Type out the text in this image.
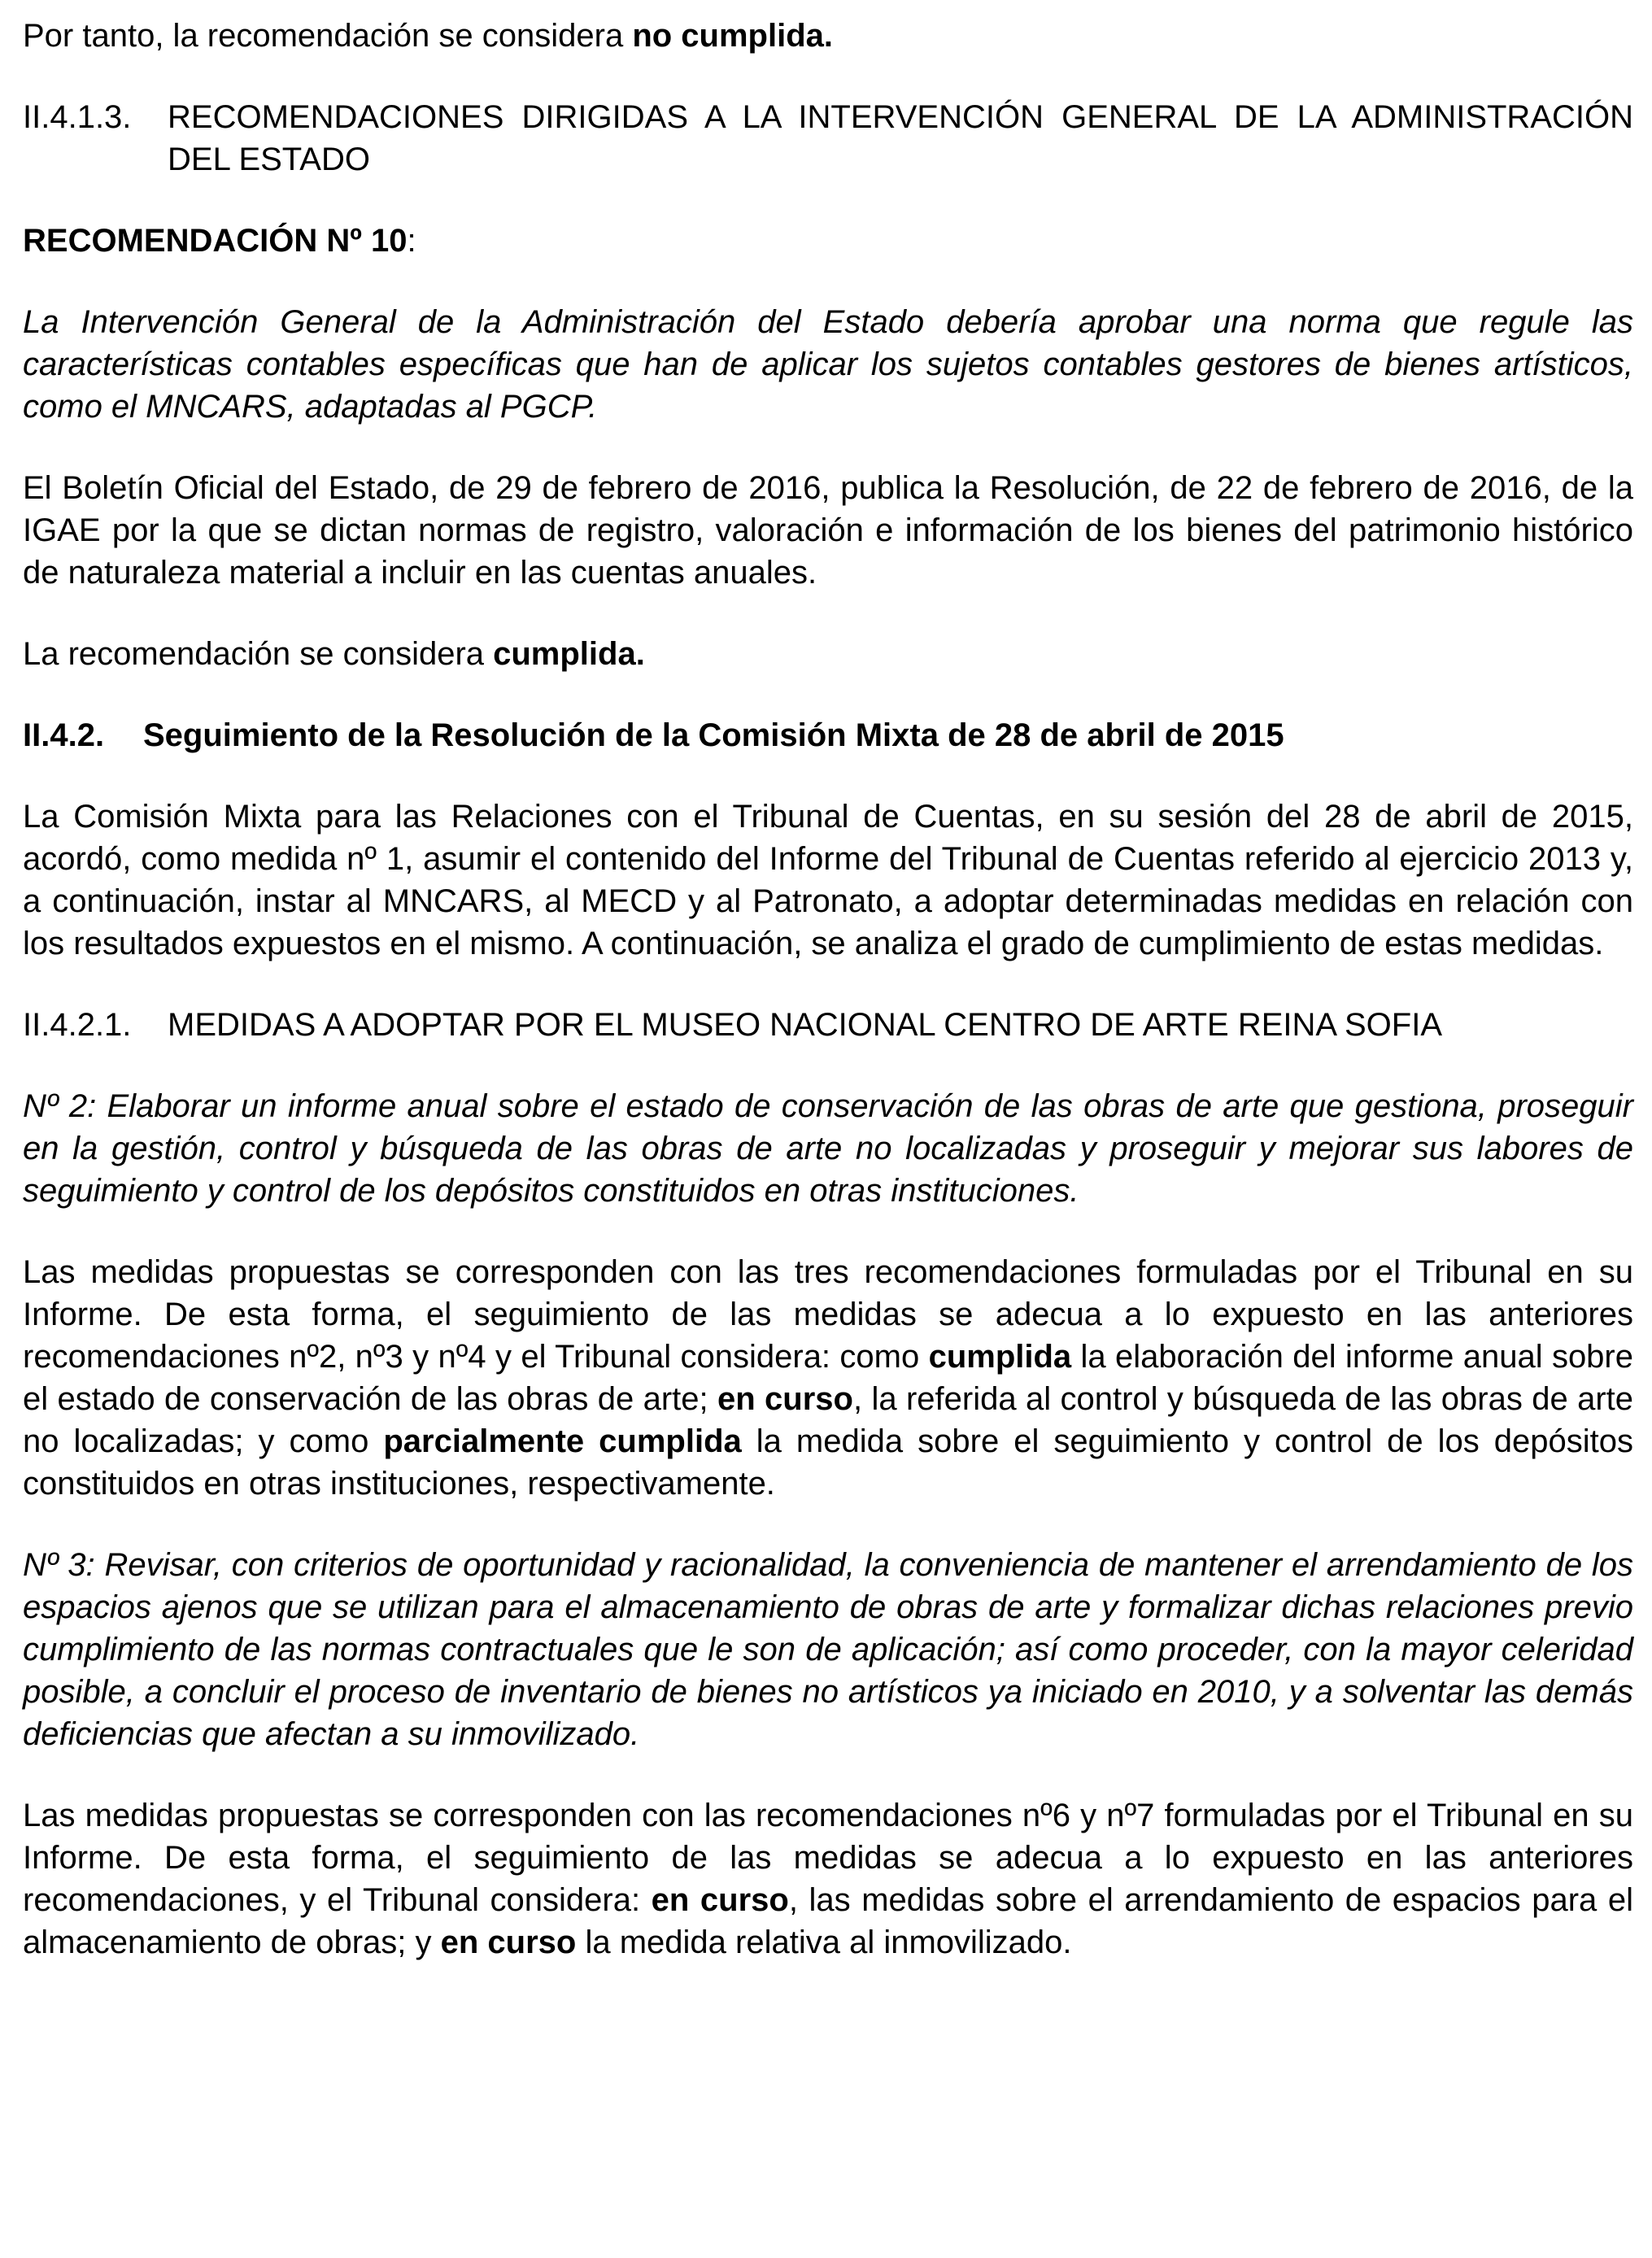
Por tanto, la recomendación se considera no cumplida.

II.4.1.3.	RECOMENDACIONES DIRIGIDAS A LA INTERVENCIÓN GENERAL DE LA ADMINISTRACIÓN DEL ESTADO

RECOMENDACIÓN Nº 10:

La Intervención General de la Administración del Estado debería aprobar una norma que regule las características contables específicas que han de aplicar los sujetos contables gestores de bienes artísticos, como el MNCARS, adaptadas al PGCP.

El Boletín Oficial del Estado, de 29 de febrero de 2016, publica la Resolución, de 22 de febrero de 2016, de la IGAE por la que se dictan normas de registro, valoración e información de los bienes del patrimonio histórico de naturaleza material a incluir en las cuentas anuales.

La recomendación se considera cumplida.

II.4.2.	Seguimiento de la Resolución de la Comisión Mixta de 28 de abril de 2015

La Comisión Mixta para las Relaciones con el Tribunal de Cuentas, en su sesión del 28 de abril de 2015, acordó, como medida nº 1, asumir el contenido del Informe del Tribunal de Cuentas referido al ejercicio 2013 y, a continuación, instar al MNCARS, al MECD y al Patronato, a adoptar determinadas medidas en relación con los resultados expuestos en el mismo. A continuación, se analiza el grado de cumplimiento de estas medidas.

II.4.2.1.	MEDIDAS A ADOPTAR POR EL MUSEO NACIONAL CENTRO DE ARTE REINA SOFIA

Nº 2: Elaborar un informe anual sobre el estado de conservación de las obras de arte que gestiona, proseguir en la gestión, control y búsqueda de las obras de arte no localizadas y proseguir y mejorar sus labores de seguimiento y control de los depósitos constituidos en otras instituciones.

Las medidas propuestas se corresponden con las tres recomendaciones formuladas por el Tribunal en su Informe. De esta forma, el seguimiento de las medidas se adecua a lo expuesto en las anteriores recomendaciones nº2, nº3 y nº4 y el Tribunal considera: como cumplida la elaboración del informe anual sobre el estado de conservación de las obras de arte; en curso, la referida al control y búsqueda de las obras de arte no localizadas; y como parcialmente cumplida la medida sobre el seguimiento y control de los depósitos constituidos en otras instituciones, respectivamente.

Nº 3: Revisar, con criterios de oportunidad y racionalidad, la conveniencia de mantener el arrendamiento de los espacios ajenos que se utilizan para el almacenamiento de obras de arte y formalizar dichas relaciones previo cumplimiento de las normas contractuales que le son de aplicación; así como proceder, con la mayor celeridad posible, a concluir el proceso de inventario de bienes no artísticos ya iniciado en 2010, y a solventar las demás deficiencias que afectan a su inmovilizado.

Las medidas propuestas se corresponden con las recomendaciones nº6 y nº7 formuladas por el Tribunal en su Informe. De esta forma, el seguimiento de las medidas se adecua a lo expuesto en las anteriores recomendaciones, y el Tribunal considera: en curso, las medidas sobre el arrendamiento de espacios para el almacenamiento de obras; y en curso la medida relativa al inmovilizado.
